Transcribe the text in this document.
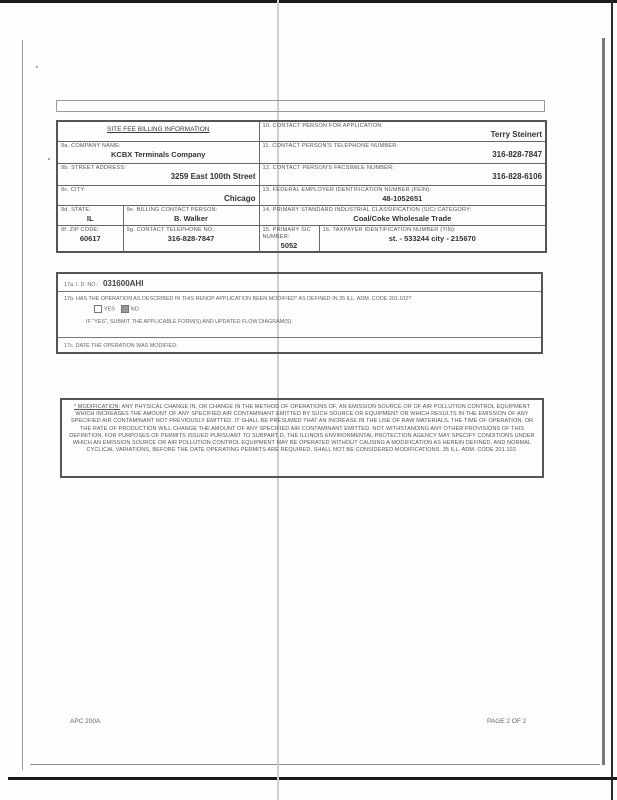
SITE FEE BILLING INFORMATION		10. CONTACT PERSON FOR APPLICATION:
Terry Steinert	

9a. COMPANY NAME:
KCBX Terminals Company		11. CONTACT PERSON'S TELEPHONE NUMBER:
316-828-7847	

9b. STREET ADDRESS:
3259 East 100th Street		12. CONTACT PERSON'S FACSIMILE NUMBER:
316-828-6106	

9c. CITY:
Chicago		13. FEDERAL EMPLOYER IDENTIFICATION NUMBER (FEIN):
48-1052651	

9d. STATE:
IL	9e. BILLING CONTACT PERSON:
B. Walker	14. PRIMARY STANDARD INDUSTRIAL CLASSIFICATION (SIC) CATEGORY:
Coal/Coke Wholesale Trade	

9f. ZIP CODE:
60617	9g. CONTACT TELEPHONE NO.:
316-828-7847	15. PRIMARY SIC NUMBER:
5052	16. TAXPAYER IDENTIFICATION NUMBER (TIN):
st. - 533244 city - 215670
17a. I. D. NO.: 031600AHI
17b. HAS THE OPERATION AS DESCRIBED IN THIS RENOP APPLICATION BEEN MODIFIED* AS DEFINED IN 35 ILL. ADM. CODE 201.102?
YES	NO
IF "YES", SUBMIT THE APPLICABLE FORM(S) AND UPDATED FLOW DIAGRAM(S).
17c. DATE THE OPERATION WAS MODIFIED:
* MODIFICATION: ANY PHYSICAL CHANGE IN, OR CHANGE IN THE METHOD OF OPERATIONS OF, AN EMISSION SOURCE OR OF AIR POLLUTION CONTROL EQUIPMENT WHICH INCREASES THE AMOUNT OF ANY SPECIFIED AIR CONTAMINANT EMITTED BY SUCH SOURCE OR EQUIPMENT OR WHICH RESULTS IN THE EMISSION OF ANY SPECIFIED AIR CONTAMINANT NOT PREVIOUSLY EMITTED. IT SHALL BE PRESUMED THAT AN INCREASE IN THE USE OF RAW MATERIALS, THE TIME OF OPERATION, OR THE RATE OF PRODUCTION WILL CHANGE THE AMOUNT OF ANY SPECIFIED AIR CONTAMINANT EMITTED. NOT WITHSTANDING ANY OTHER PROVISIONS OF THIS DEFINITION, FOR PURPOSES OF PERMITS ISSUED PURSUANT TO SUBPART D, THE ILLINOIS ENVIRONMENTAL PROTECTION AGENCY MAY SPECIFY CONDITIONS UNDER WHICH AN EMISSION SOURCE OR AIR POLLUTION CONTROL EQUIPMENT MAY BE OPERATED WITHOUT CAUSING A MODIFICATION AS HEREIN DEFINED, AND NORMAL CYCLICAL VARIATIONS, BEFORE THE DATE OPERATING PERMITS ARE REQUIRED, SHALL NOT BE CONSIDERED MODIFICATIONS. 35 ILL. ADM. CODE 201.102.
APC 200A	PAGE 2 OF 2
